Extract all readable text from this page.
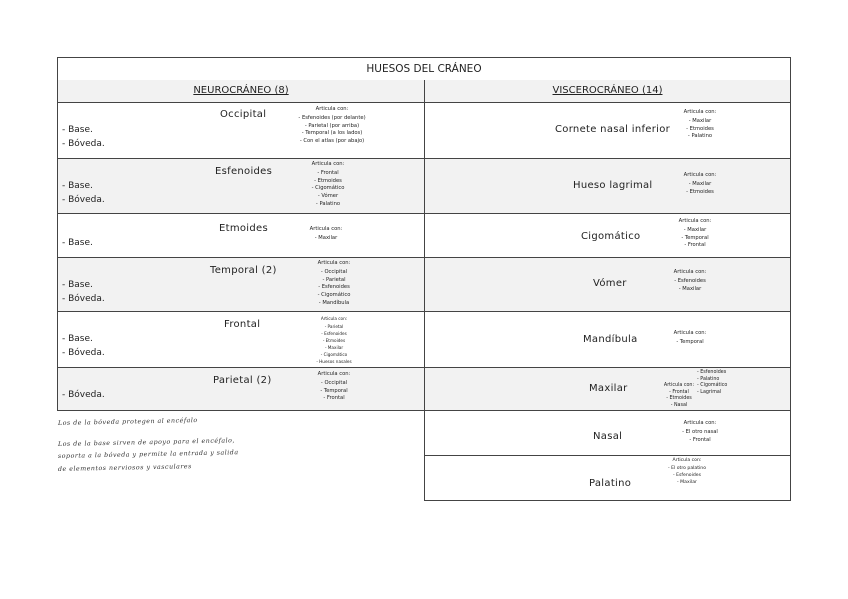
HUESOS DEL CRÁNEO
NEUROCRÁNEO (8)
Occipital
- Base.
- Bóveda.
Articula con:
- Esfenoides (por delante)
- Parietal (por arriba)
- Temporal (a los lados)
- Con el atlas (por abajo)
Esfenoides
- Base.
- Bóveda.
Articula con:
- Frontal
- Etmoides
- Cigomático
- Vómer
- Palatino
Etmoides
- Base.
Articula con:
- Maxilar
Temporal (2)
- Base.
- Bóveda.
Articula con:
- Occipital
- Parietal
- Esfenoides
- Cigomático
- Mandíbula
Frontal
- Base.
- Bóveda.
Articula con:
- Parietal
- Esfenoides
- Etmoides
- Maxilar
- Cigomático
- Huesos nasales
Parietal (2)
- Bóveda.
Articula con:
- Occipital
- Temporal
- Frontal
VISCEROCRÁNEO (14)
Cornete nasal inferior
Articula con:
- Maxilar
- Etmoides
- Palatino
Hueso lagrimal
Articula con:
- Maxilar
- Etmoides
Cigomático
Articula con:
- Maxilar
- Temporal
- Frontal
Vómer
Articula con:
- Esfenoides
- Maxilar
Mandíbula
Articula con:
- Temporal
Maxilar	Articula con:
- Frontal
- Etmoides
- Nasal
- Esfenoides
- Palatino
- Cigomático
- Lagrimal
Nasal
Articula con:
- El otro nasal
- Frontal
Palatino
Articula con:
- El otro palatino
- Esfenoides
- Maxilar
Los de la bóveda protegen al encéfalo
Los de la base sirven de apoyo para el encéfalo,
soporta a la bóveda y permite la entrada y salida
de elementos nerviosos y vasculares
